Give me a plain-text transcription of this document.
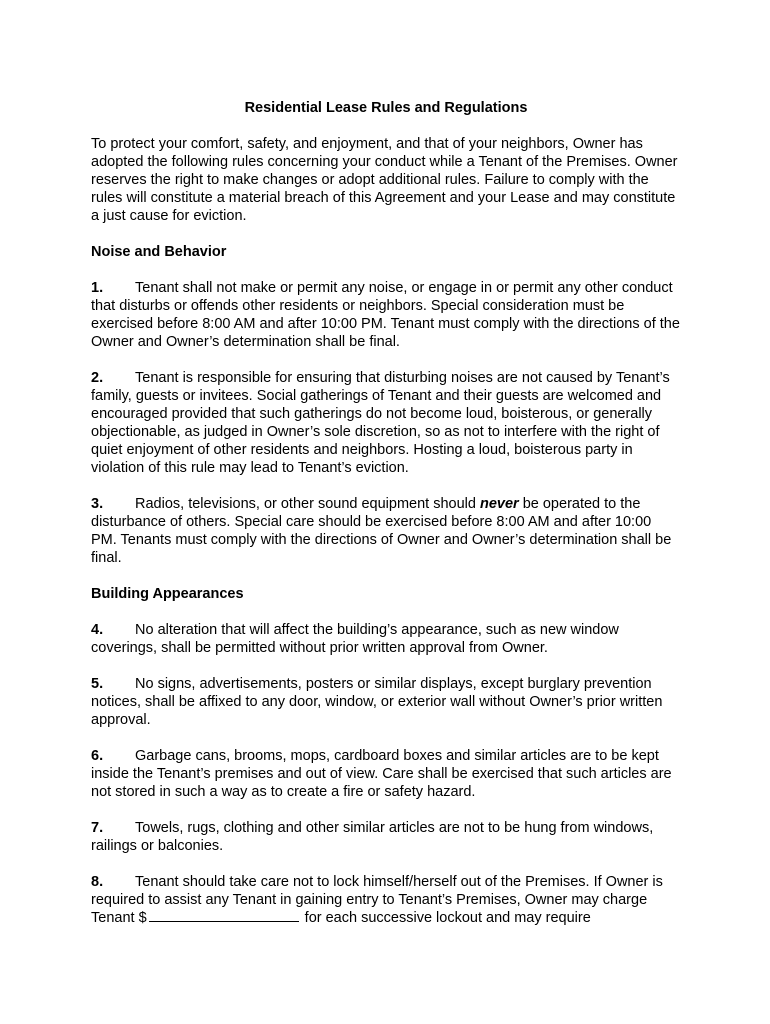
Residential Lease Rules and Regulations

To protect your comfort, safety, and enjoyment, and that of your neighbors, Owner has adopted the following rules concerning your conduct while a Tenant of the Premises. Owner reserves the right to make changes or adopt additional rules. Failure to comply with the rules will constitute a material breach of this Agreement and your Lease and may constitute a just cause for eviction.

Noise and Behavior

1. Tenant shall not make or permit any noise, or engage in or permit any other conduct that disturbs or offends other residents or neighbors. Special consideration must be exercised before 8:00 AM and after 10:00 PM. Tenant must comply with the directions of the Owner and Owner’s determination shall be final.

2. Tenant is responsible for ensuring that disturbing noises are not caused by Tenant’s family, guests or invitees. Social gatherings of Tenant and their guests are welcomed and encouraged provided that such gatherings do not become loud, boisterous, or generally objectionable, as judged in Owner’s sole discretion, so as not to interfere with the right of quiet enjoyment of other residents and neighbors. Hosting a loud, boisterous party in violation of this rule may lead to Tenant’s eviction.

3. Radios, televisions, or other sound equipment should never be operated to the disturbance of others. Special care should be exercised before 8:00 AM and after 10:00 PM. Tenants must comply with the directions of Owner and Owner’s determination shall be final.

Building Appearances

4. No alteration that will affect the building’s appearance, such as new window coverings, shall be permitted without prior written approval from Owner.

5. No signs, advertisements, posters or similar displays, except burglary prevention notices, shall be affixed to any door, window, or exterior wall without Owner’s prior written approval.

6. Garbage cans, brooms, mops, cardboard boxes and similar articles are to be kept inside the Tenant’s premises and out of view. Care shall be exercised that such articles are not stored in such a way as to create a fire or safety hazard.

7. Towels, rugs, clothing and other similar articles are not to be hung from windows, railings or balconies.

8. Tenant should take care not to lock himself/herself out of the Premises. If Owner is required to assist any Tenant in gaining entry to Tenant’s Premises, Owner may charge Tenant $	for each successive lockout and may require
